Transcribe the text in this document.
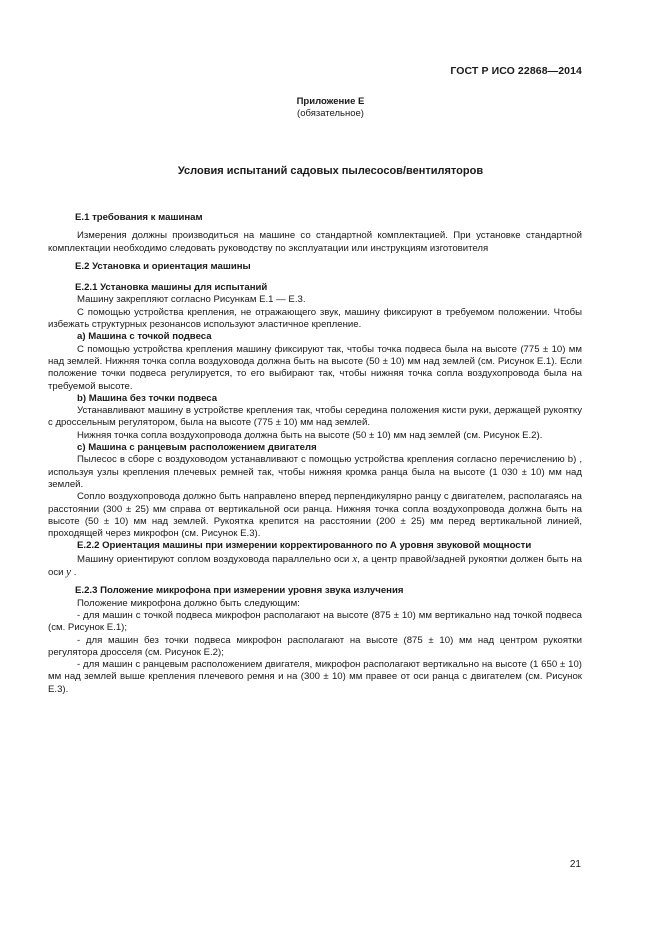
ГОСТ Р ИСО 22868—2014
Приложение Е
(обязательное)
Условия испытаний садовых пылесосов/вентиляторов

Е.1 требования к машинам

Измерения должны производиться на машине со стандартной комплектацией. При установке стандартной комплектации необходимо следовать руководству по эксплуатации или инструкциям изготовителя

Е.2 Установка и ориентация машины

Е.2.1 Установка машины для испытаний

Машину закрепляют согласно Рисункам Е.1 — Е.3.

С помощью устройства крепления, не отражающего звук, машину фиксируют в требуемом положении. Чтобы избежать структурных резонансов используют эластичное крепление.

а) Машина с точкой подвеса

С помощью устройства крепления машину фиксируют так, чтобы точка подвеса была на высоте (775 ± 10) мм над землей. Нижняя точка сопла воздуховода должна быть на высоте (50 ± 10) мм над землей (см. Рисунок Е.1). Если положение точки подвеса регулируется, то его выбирают так, чтобы нижняя точка сопла воздухопровода была на требуемой высоте.

b) Машина без точки подвеса

Устанавливают машину в устройстве крепления так, чтобы середина положения кисти руки, держащей рукоятку с дроссельным регулятором, была на высоте (775 ± 10) мм над землей.

Нижняя точка сопла воздухопровода должна быть на высоте (50 ± 10) мм над землей (см. Рисунок Е.2).

с) Машина с ранцевым расположением двигателя

Пылесос в сборе с воздуховодом устанавливают с помощью устройства крепления согласно перечислению b) , используя узлы крепления плечевых ремней так, чтобы нижняя кромка ранца была на высоте (1 030 ± 10) мм над землей.

Сопло воздухопровода должно быть направлено вперед перпендикулярно ранцу с двигателем, располагаясь на расстоянии (300 ± 25) мм справа от вертикальной оси ранца. Нижняя точка сопла воздухопровода должна быть на высоте (50 ± 10) мм над землей. Рукоятка крепится на расстоянии (200 ± 25) мм перед вертикальной линией, проходящей через микрофон (см. Рисунок Е.3).

Е.2.2 Ориентация машины при измерении корректированного по А уровня звуковой мощности

Машину ориентируют соплом воздуховода параллельно оси x, а центр правой/задней рукоятки должен быть на оси y .

Е.2.3 Положение микрофона при измерении уровня звука излучения

Положение микрофона должно быть следующим:

- для машин с точкой подвеса микрофон располагают на высоте (875 ± 10) мм вертикально над точкой подвеса (см. Рисунок Е.1);

- для машин без точки подвеса микрофон располагают на высоте (875 ± 10) мм над центром рукоятки регулятора дросселя (см. Рисунок Е.2);

- для машин с ранцевым расположением двигателя, микрофон располагают вертикально на высоте (1 650 ± 10) мм над землей выше крепления плечевого ремня и на (300 ± 10) мм правее от оси ранца с двигателем (см. Рисунок Е.3).

21
